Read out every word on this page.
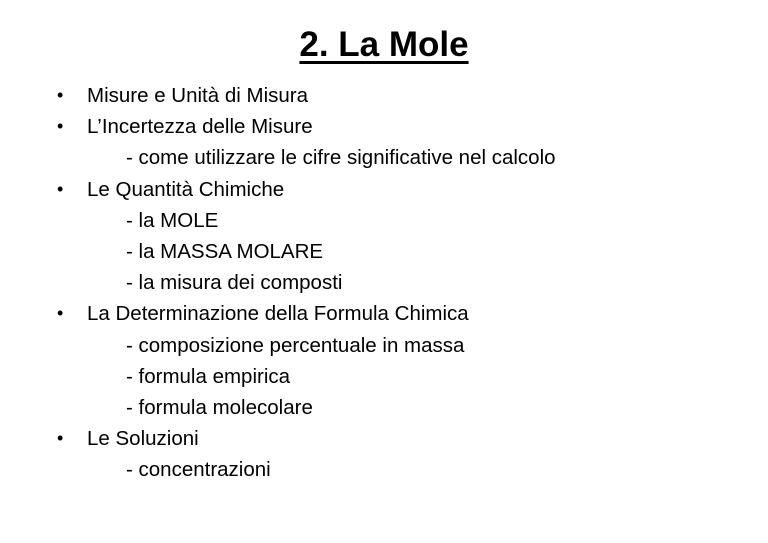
2. La Mole
•	Misure e Unità di Misura
•	L’Incertezza delle Misure
- come utilizzare le cifre significative nel calcolo
•	Le Quantità Chimiche
- la MOLE
- la MASSA MOLARE
- la misura dei composti
•	La Determinazione della Formula Chimica
- composizione percentuale in massa
- formula empirica
- formula molecolare
•	Le Soluzioni
- concentrazioni
